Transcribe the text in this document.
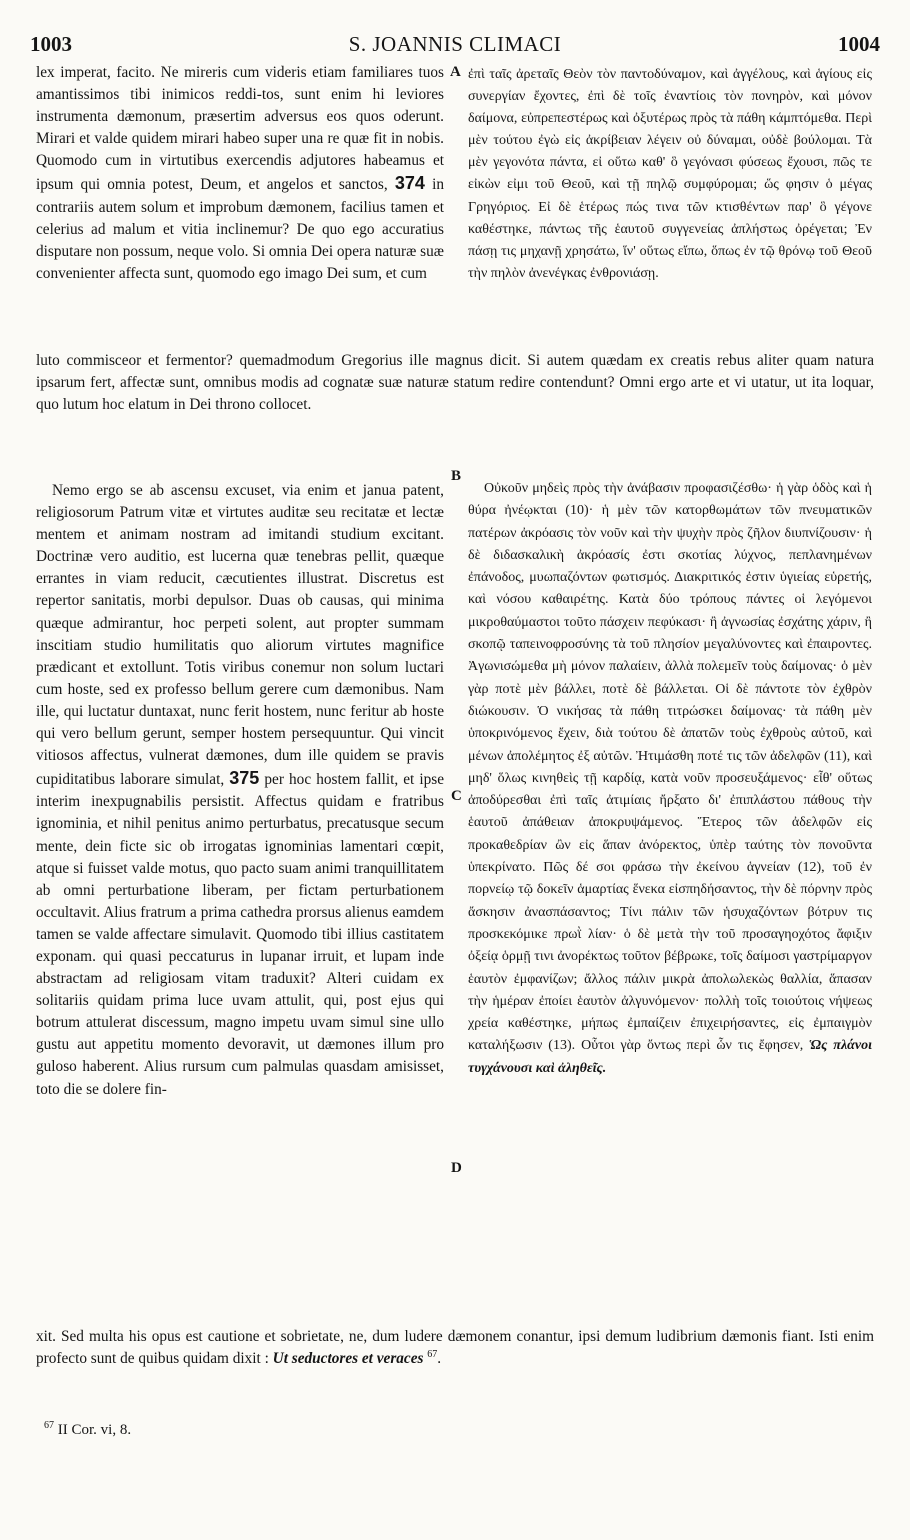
1003	S. JOANNIS CLIMACI	1004
A
B
C
D

lex imperat, facito. Ne mireris cum videris etiam familiares tuos amantissimos tibi inimicos reddi-tos, sunt enim hi leviores instrumenta dæmonum, præsertim adversus eos quos oderunt. Mirari et valde quidem mirari habeo super una re quæ fit in nobis. Quomodo cum in virtutibus exercendis adjutores habeamus et ipsum qui omnia potest, Deum, et angelos et sanctos, 374 in contrariis autem solum et improbum dæmonem, facilius tamen et celerius ad malum et vitia inclinemur? De quo ego accuratius disputare non possum, neque volo. Si omnia Dei opera naturæ suæ convenienter affecta sunt, quomodo ego imago Dei sum, et cum

ἐπὶ ταῖς ἀρεταῖς Θεὸν τὸν παντοδύναμον, καὶ ἀγγέλους, καὶ ἁγίους εἰς συνεργίαν ἔχοντες, ἐπὶ δὲ τοῖς ἐναντίοις τὸν πονηρὸν, καὶ μόνον δαίμονα, εὐπρεπεστέρως καὶ ὀξυτέρως πρὸς τὰ πάθη κάμπτόμεθα. Περὶ μὲν τούτου ἐγὼ εἰς ἀκρίβειαν λέγειν οὐ δύναμαι, οὐδὲ βούλομαι. Τὰ μὲν γεγονότα πάντα, εἰ οὕτω καθ' ὃ γεγόνασι φύσεως ἔχουσι, πῶς τε εἰκὼν εἰμι τοῦ Θεοῦ, καὶ τῇ πηλῷ συμφύρομαι; ὥς φησιν ὁ μέγας Γρηγόριος. Εἰ δὲ ἑτέρως πώς τινα τῶν κτισθέντων παρ' ὃ γέγονε καθέστηκε, πάντως τῆς ἑαυτοῦ συγγενείας ἀπλήστως ὀρέγεται; Ἐν πάσῃ τις μηχανῇ χρησάτω, ἵν' οὕτως εἴπω, ὅπως ἐν τῷ θρόνῳ τοῦ Θεοῦ τὴν πηλὸν ἀνενέγκας ἐνθρονιάσῃ.

luto commisceor et fermentor? quemadmodum Gregorius ille magnus dicit. Si autem quædam ex creatis rebus aliter quam natura ipsarum fert, affectæ sunt, omnibus modis ad cognatæ suæ naturæ statum redire contendunt? Omni ergo arte et vi utatur, ut ita loquar, quo lutum hoc elatum in Dei throno collocet.

Nemo ergo se ab ascensu excuset, via enim et janua patent, religiosorum Patrum vitæ et virtutes auditæ seu recitatæ et lectæ mentem et animam nostram ad imitandi studium excitant. Doctrinæ vero auditio, est lucerna quæ tenebras pellit, quæque errantes in viam reducit, cæcutientes illustrat. Discretus est repertor sanitatis, morbi depulsor. Duas ob causas, qui minima quæque admirantur, hoc perpeti solent, aut propter summam inscitiam studio humilitatis quo aliorum virtutes magnifice prædicant et extollunt. Totis viribus conemur non solum luctari cum hoste, sed ex professo bellum gerere cum dæmonibus. Nam ille, qui luctatur duntaxat, nunc ferit hostem, nunc feritur ab hoste qui vero bellum gerunt, semper hostem persequuntur. Qui vincit vitiosos affectus, vulnerat dæmones, dum ille quidem se pravis cupiditatibus laborare simulat, 375 per hoc hostem fallit, et ipse interim inexpugnabilis persistit. Affectus quidam e fratribus ignominia, et nihil penitus animo perturbatus, precatusque secum mente, dein ficte sic ob irrogatas ignominias lamentari cœpit, atque si fuisset valde motus, quo pacto suam animi tranquillitatem ab omni perturbatione liberam, per fictam perturbationem occultavit. Alius fratrum a prima cathedra prorsus alienus eamdem tamen se valde affectare simulavit. Quomodo tibi illius castitatem exponam. qui quasi peccaturus in lupanar irruit, et lupam inde abstractam ad religiosam vitam traduxit? Alteri cuidam ex solitariis quidam prima luce uvam attulit, qui, post ejus qui botrum attulerat discessum, magno impetu uvam simul sine ullo gustu aut appetitu momento devoravit, ut dæmones illum pro guloso haberent. Alius rursum cum palmulas quasdam amisisset, toto die se dolere fin-

Οὐκοῦν μηδεὶς πρὸς τὴν ἀνάβασιν προφασιζέσθω· ἡ γὰρ ὁδὸς καὶ ἡ θύρα ἠνέῳκται (10)· ἡ μὲν τῶν κατορθωμάτων τῶν πνευματικῶν πατέρων ἀκρόασις τὸν νοῦν καὶ τὴν ψυχὴν πρὸς ζῆλον διυπνίζουσιν· ἡ δὲ διδασκαλικὴ ἀκρόασίς ἐστι σκοτίας λύχνος, πεπλανημένων ἐπάνοδος, μυωπαζόντων φωτισμός. Διακριτικός ἐστιν ὑγιείας εὑρετής, καὶ νόσου καθαιρέτης. Κατὰ δύο τρόπους πάντες οἱ λεγόμενοι μικροθαύμαστοι τοῦτο πάσχειν πεφύκασι· ἢ ἀγνωσίας ἐσχάτης χάριν, ἢ σκοπῷ ταπεινοφροσύνης τὰ τοῦ πλησίον μεγαλύνοντες καὶ ἐπαιροντες. Ἀγωνισώμεθα μὴ μόνον παλαίειν, ἀλλὰ πολεμεῖν τοὺς δαίμονας· ὁ μὲν γὰρ ποτὲ μὲν βάλλει, ποτὲ δὲ βάλλεται. Οἱ δὲ πάντοτε τὸν ἐχθρὸν διώκουσιν. Ὁ νικήσας τὰ πάθη τιτρώσκει δαίμονας· τὰ πάθη μὲν ὑποκρινόμενος ἔχειν, διὰ τούτου δὲ ἀπατῶν τοὺς ἐχθροὺς αὐτοῦ, καὶ μένων ἀπολέμητος ἐξ αὐτῶν. Ἠτιμάσθη ποτέ τις τῶν ἀδελφῶν (11), καὶ μηδ' ὅλως κινηθεὶς τῇ καρδίᾳ, κατὰ νοῦν προσευξάμενος· εἶθ' οὕτως ἀποδύρεσθαι ἐπὶ ταῖς ἀτιμίαις ἤρξατο δι' ἐπιπλάστου πάθους τὴν ἑαυτοῦ ἀπάθειαν ἀποκρυψάμενος. Ἕτερος τῶν ἀδελφῶν εἰς προκαθεδρίαν ὢν εἰς ἅπαν ἀνόρεκτος, ὑπὲρ ταύτης τὸν πονοῦντα ὑπεκρίνατο. Πῶς δέ σοι φράσω τὴν ἐκείνου ἁγνείαν (12), τοῦ ἐν πορνείῳ τῷ δοκεῖν ἁμαρτίας ἕνεκα εἰσπηδήσαντος, τὴν δὲ πόρνην πρὸς ἄσκησιν ἀνασπάσαντος; Τίνι πάλιν τῶν ἡσυχαζόντων βότρυν τις προσκεκόμικε πρωῒ λίαν· ὁ δὲ μετὰ τὴν τοῦ προσαγηοχότος ἄφιξιν ὀξείᾳ ὁρμῇ τινι ἀνορέκτως τοῦτον βέβρωκε, τοῖς δαίμοσι γαστρίμαργον ἑαυτὸν ἐμφανίζων; ἄλλος πάλιν μικρὰ ἀπολωλεκὼς θαλλία, ἅπασαν τὴν ἡμέραν ἐποίει ἑαυτὸν ἀλγυνόμενον· πολλὴ τοῖς τοιούτοις νήψεως χρεία καθέστηκε, μήπως ἐμπαίζειν ἐπιχειρήσαντες, εἰς ἐμπαιγμὸν καταλήξωσιν (13). Οὗτοι γὰρ ὄντως περὶ ὧν τις ἔφησεν, Ὡς πλάνοι τυγχάνουσι καὶ ἀληθεῖς.

xit. Sed multa his opus est cautione et sobrietate, ne, dum ludere dæmonem conantur, ipsi demum ludibrium dæmonis fiant. Isti enim profecto sunt de quibus quidam dixit : Ut seductores et veraces $^{67}$.

$^{67}$ II Cor. vi, 8.
